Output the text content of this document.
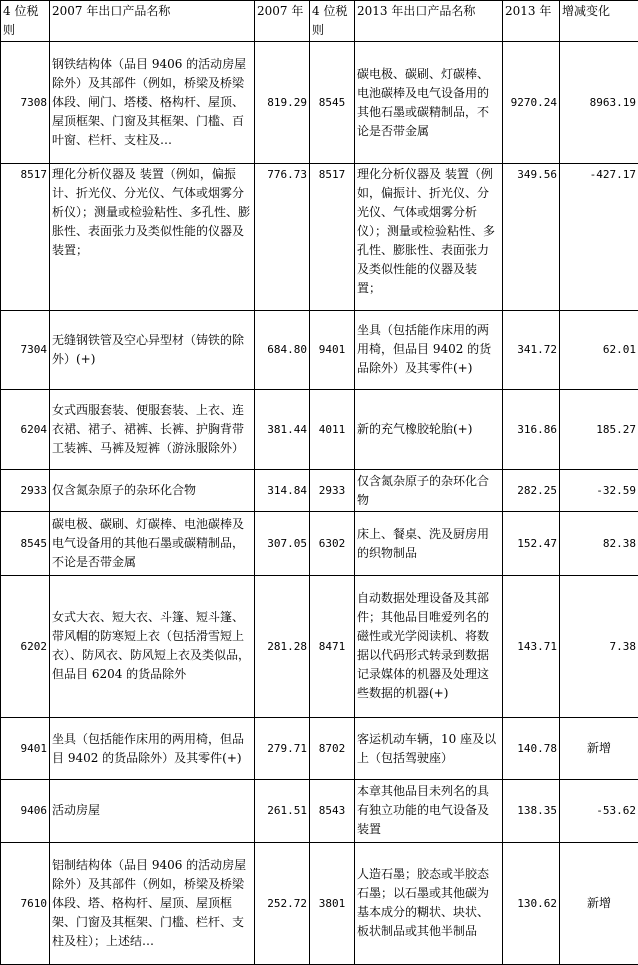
4 位税则	2007 年出口产品名称	2007 年	4 位税则	2013 年出口产品名称	2013 年	增减变化
7308	钢铁结构体（品目 9406 的活动房屋除外）及其部件（例如，桥梁及桥梁体段、闸门、塔楼、格构杆、屋顶、屋顶框架、门窗及其框架、门槛、百叶窗、栏杆、支柱及…	819.29	8545	碳电极、碳刷、灯碳棒、电池碳棒及电气设备用的其他石墨或碳精制品，不论是否带金属	9270.24	8963.19
8517	理化分析仪器及 装置（例如，偏振计、折光仪、分光仪、气体或烟雾分析仪）；测量或检验粘性、多孔性、膨胀性、表面张力及类似性能的仪器及装置；	776.73	8517	理化分析仪器及 装置（例如，偏振计、折光仪、分光仪、气体或烟雾分析仪）；测量或检验粘性、多孔性、膨胀性、表面张力及类似性能的仪器及装置；	349.56	-427.17
7304	无缝钢铁管及空心异型材（铸铁的除外）(+)	684.80	9401	坐具（包括能作床用的两用椅，但品目 9402 的货品除外）及其零件(+)	341.72	62.01
6204	女式西服套装、便服套装、上衣、连衣裙、裙子、裙裤、长裤、护胸背带工装裤、马裤及短裤（游泳服除外）	381.44	4011	新的充气橡胶轮胎(+)	316.86	185.27
2933	仅含氮杂原子的杂环化合物	314.84	2933	仅含氮杂原子的杂环化合物	282.25	-32.59
8545	碳电极、碳刷、灯碳棒、电池碳棒及电气设备用的其他石墨或碳精制品，不论是否带金属	307.05	6302	床上、餐桌、洗及厨房用的织物制品	152.47	82.38
6202	女式大衣、短大衣、斗篷、短斗篷、带风帽的防寒短上衣（包括滑雪短上衣）、防风衣、防风短上衣及类似品，但品目 6204 的货品除外	281.28	8471	自动数据处理设备及其部件；其他品目唯爱列名的磁性或光学阅读机、将数据以代码形式转录到数据记录媒体的机器及处理这些数据的机器(+)	143.71	7.38
9401	坐具（包括能作床用的两用椅，但品目 9402 的货品除外）及其零件(+)	279.71	8702	客运机动车辆，10 座及以上（包括驾驶座）	140.78	新增
9406	活动房屋	261.51	8543	本章其他品目未列名的具有独立功能的电气设备及装置	138.35	-53.62
7610	铝制结构体（品目 9406 的活动房屋除外）及其部件（例如，桥梁及桥梁体段、塔、格构杆、屋顶、屋顶框架、门窗及其框架、门槛、栏杆、支柱及柱）；上述结…	252.72	3801	人造石墨；胶态或半胶态石墨；以石墨或其他碳为基本成分的糊状、块状、板状制品或其他半制品	130.62	新增
